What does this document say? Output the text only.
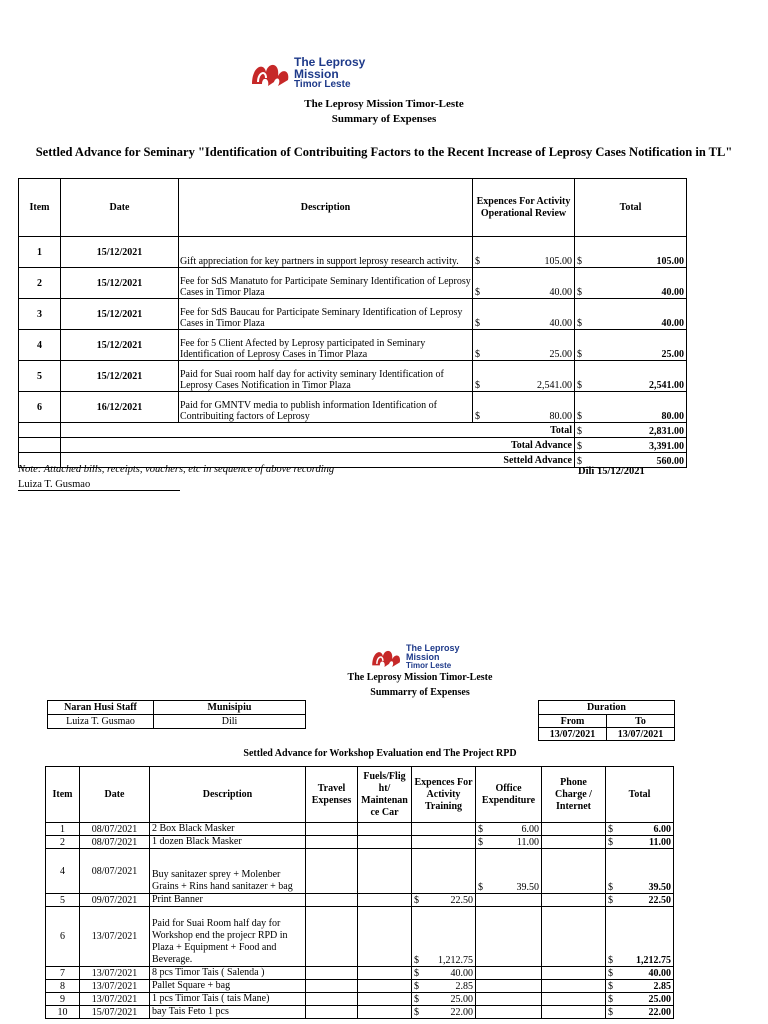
The Leprosy
Mission
Timor Leste
The Leprosy Mission Timor-Leste
Summary of Expenses
Settled Advance for Seminary "Identification of Contribuiting Factors to the Recent Increase of Leprosy Cases Notification in TL"
Item	Date	Description	Expences For Activity Operational Review	Total
1	15/12/2021	Gift appreciation for key partners in support leprosy research activity.	$ 105.00	$ 105.00

2	15/12/2021	Fee for SdS Manatuto for Participate Seminary Identification of Leprosy Cases in Timor Plaza	$ 40.00	$ 40.00

3	15/12/2021	Fee for SdS Baucau for Participate Seminary Identification of Leprosy Cases in Timor Plaza	$ 40.00	$ 40.00

4	15/12/2021	Fee for 5 Client Afected by Leprosy participated in Seminary Identification of Leprosy Cases in Timor Plaza	$ 25.00	$ 25.00

5	15/12/2021	Paid for Suai room half day for activity seminary Identification of Leprosy Cases Notification in Timor Plaza	$ 2,541.00	$ 2,541.00

6	16/12/2021	Paid for GMNTV media to publish information Identification of Contribuiting factors of Leprosy	$ 80.00	$ 80.00

	Total			$ 2,831.00

	Total Advance			$ 3,391.00

	Setteld Advance			$ 560.00
Note: Attached bills, receipts, vouchers, etc in sequence of above recording	Dili 15/12/2021
Luiza T. Gusmao
The Leprosy
Mission
Timor Leste
The Leprosy Mission Timor-Leste
Summarry of Expenses
Naran Husi Staff	Munisipiu
Luiza T. Gusmao	Dili
Duration	
From	To
13/07/2021	13/07/2021
Settled Advance for Workshop Evaluation end The Project RPD
Item	Date	Description	Travel Expenses	Fuels/Flig ht/ Maintenan ce Car	Expences For Activity Training	Office Expenditure	Phone Charge / Internet	Total
1	08/07/2021	2 Box Black Masker				$ 6.00		$ 6.00

2	08/07/2021	1 dozen Black Masker				$ 11.00		$ 11.00

4	08/07/2021	Buy sanitazer sprey + Molenber Grains + Rins hand sanitazer + bag				$ 39.50		$ 39.50

5	09/07/2021	Print Banner			$ 22.50			$ 22.50

6	13/07/2021	Paid for Suai Room half day for Workshop end the projecr RPD in Plaza + Equipment + Food and Beverage.			$ 1,212.75			$ 1,212.75

7	13/07/2021	8 pcs Timor Tais ( Salenda )			$ 40.00			$ 40.00

8	13/07/2021	Pallet Square + bag			$ 2.85			$ 2.85

9	13/07/2021	1 pcs Timor Tais ( tais Mane)			$ 25.00			$ 25.00

10	15/07/2021	bay Tais Feto 1 pcs			$ 22.00			$ 22.00
